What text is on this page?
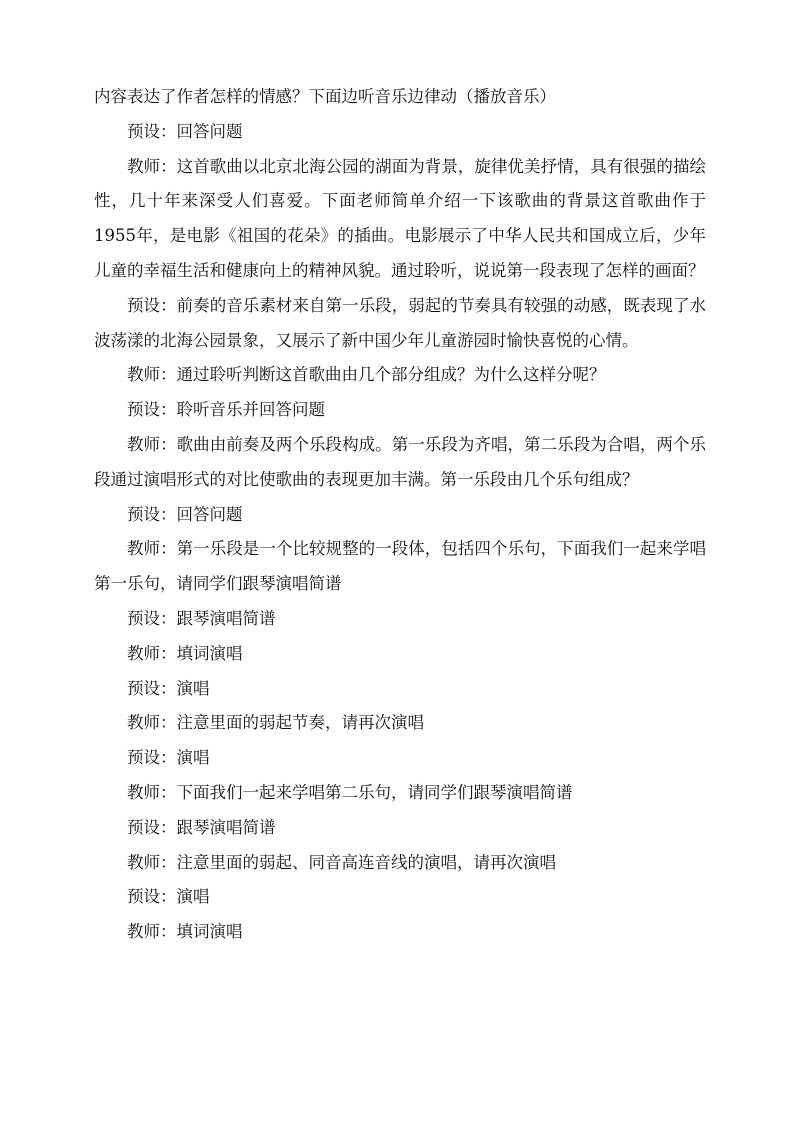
内容表达了作者怎样的情感？下面边听音乐边律动（播放音乐）

预设：回答问题

教师：这首歌曲以北京北海公园的湖面为背景，旋律优美抒情，具有很强的描绘性，几十年来深受人们喜爱。下面老师简单介绍一下该歌曲的背景这首歌曲作于1955年，是电影《祖国的花朵》的插曲。电影展示了中华人民共和国成立后，少年儿童的幸福生活和健康向上的精神风貌。通过聆听，说说第一段表现了怎样的画面？

预设：前奏的音乐素材来自第一乐段，弱起的节奏具有较强的动感，既表现了水波荡漾的北海公园景象，又展示了新中国少年儿童游园时愉快喜悦的心情。

教师：通过聆听判断这首歌曲由几个部分组成？为什么这样分呢？

预设：聆听音乐并回答问题

教师：歌曲由前奏及两个乐段构成。第一乐段为齐唱，第二乐段为合唱，两个乐段通过演唱形式的对比使歌曲的表现更加丰满。第一乐段由几个乐句组成？

预设：回答问题

教师：第一乐段是一个比较规整的一段体，包括四个乐句，下面我们一起来学唱第一乐句，请同学们跟琴演唱简谱

预设：跟琴演唱简谱

教师：填词演唱

预设：演唱

教师：注意里面的弱起节奏，请再次演唱

预设：演唱

教师：下面我们一起来学唱第二乐句，请同学们跟琴演唱简谱

预设：跟琴演唱简谱

教师：注意里面的弱起、同音高连音线的演唱，请再次演唱

预设：演唱

教师：填词演唱
